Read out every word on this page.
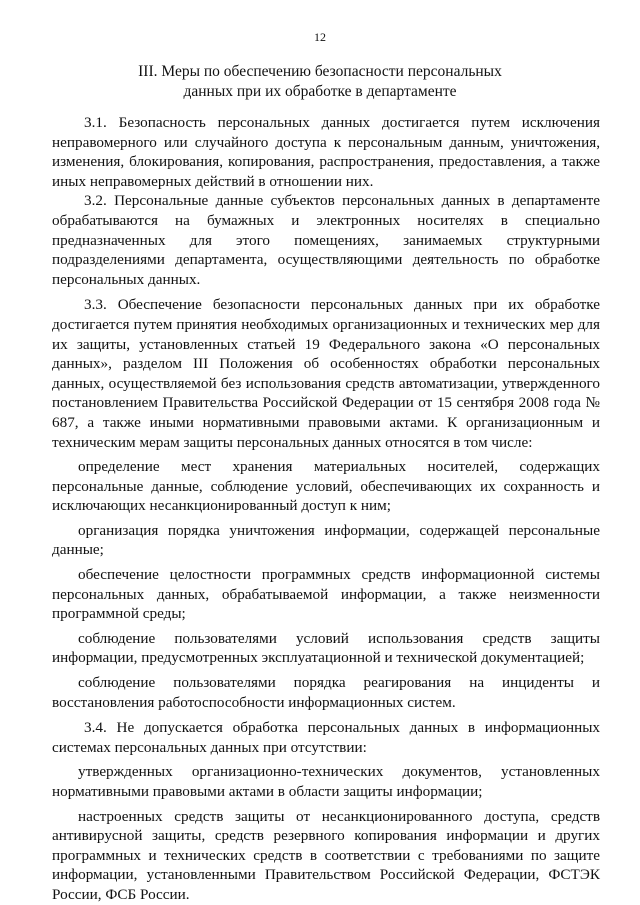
12
III. Меры по обеспечению безопасности персональных
данных при их обработке в департаменте

3.1. Безопасность персональных данных достигается путем исключения неправомерного или случайного доступа к персональным данным, уничтожения, изменения, блокирования, копирования, распространения, предоставления, а также иных неправомерных действий в отношении них.

3.2. Персональные данные субъектов персональных данных в департаменте обрабатываются на бумажных и электронных носителях в специально предназначенных для этого помещениях, занимаемых структурными подразделениями департамента, осуществляющими деятельность по обработке персональных данных.

3.3. Обеспечение безопасности персональных данных при их обработке достигается путем принятия необходимых организационных и технических мер для их защиты, установленных статьей 19 Федерального закона «О персональных данных», разделом III Положения об особенностях обработки персональных данных, осуществляемой без использования средств автоматизации, утвержденного постановлением Правительства Российской Федерации от 15 сентября 2008 года № 687, а также иными нормативными правовыми актами. К организационным и техническим мерам защиты персональных данных относятся в том числе:

определение мест хранения материальных носителей, содержащих персональные данные, соблюдение условий, обеспечивающих их сохранность и исключающих несанкционированный доступ к ним;

организация порядка уничтожения информации, содержащей персональные данные;

обеспечение целостности программных средств информационной системы персональных данных, обрабатываемой информации, а также неизменности программной среды;

соблюдение пользователями условий использования средств защиты информации, предусмотренных эксплуатационной и технической документацией;

соблюдение пользователями порядка реагирования на инциденты и восстановления работоспособности информационных систем.

3.4. Не допускается обработка персональных данных в информационных системах персональных данных при отсутствии:

утвержденных организационно-технических документов, установленных нормативными правовыми актами в области защиты информации;

настроенных средств защиты от несанкционированного доступа, средств антивирусной защиты, средств резервного копирования информации и других программных и технических средств в соответствии с требованиями по защите информации, установленными Правительством Российской Федерации, ФСТЭК России, ФСБ России.
